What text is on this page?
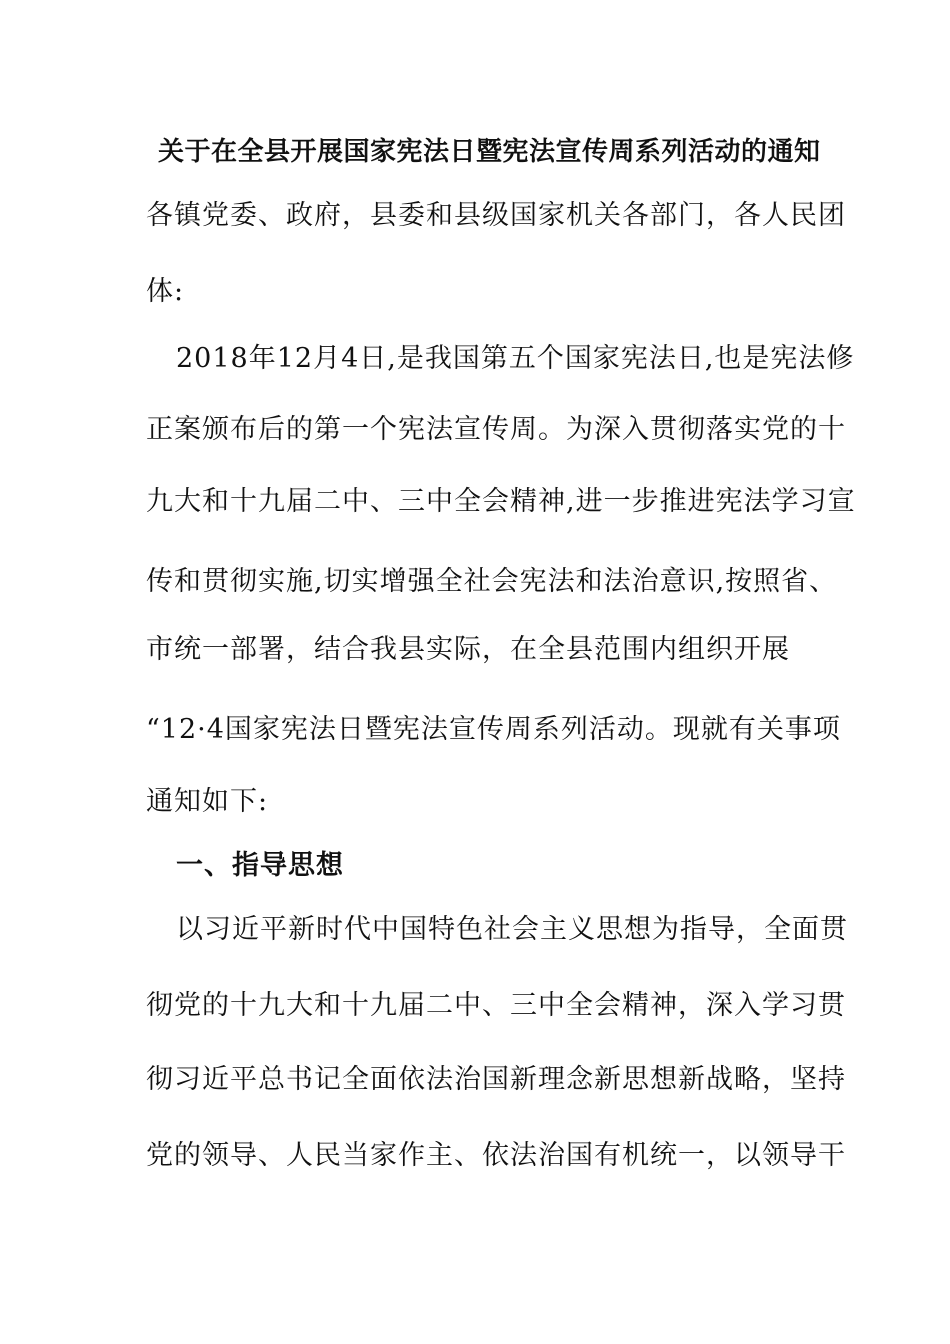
关于在全县开展国家宪法日暨宪法宣传周系列活动的通知
各镇党委、政府，县委和县级国家机关各部门，各人民团
体:
2018年12月4日,是我国第五个国家宪法日,也是宪法修
正案颁布后的第一个宪法宣传周。为深入贯彻落实党的十
九大和十九届二中、三中全会精神,进一步推进宪法学习宣
传和贯彻实施,切实增强全社会宪法和法治意识,按照省、
市统一部署，结合我县实际，在全县范围内组织开展
“12·4国家宪法日暨宪法宣传周系列活动。现就有关事项
通知如下:
一、指导思想
以习近平新时代中国特色社会主义思想为指导，全面贯
彻党的十九大和十九届二中、三中全会精神，深入学习贯
彻习近平总书记全面依法治国新理念新思想新战略，坚持
党的领导、人民当家作主、依法治国有机统一，以领导干
